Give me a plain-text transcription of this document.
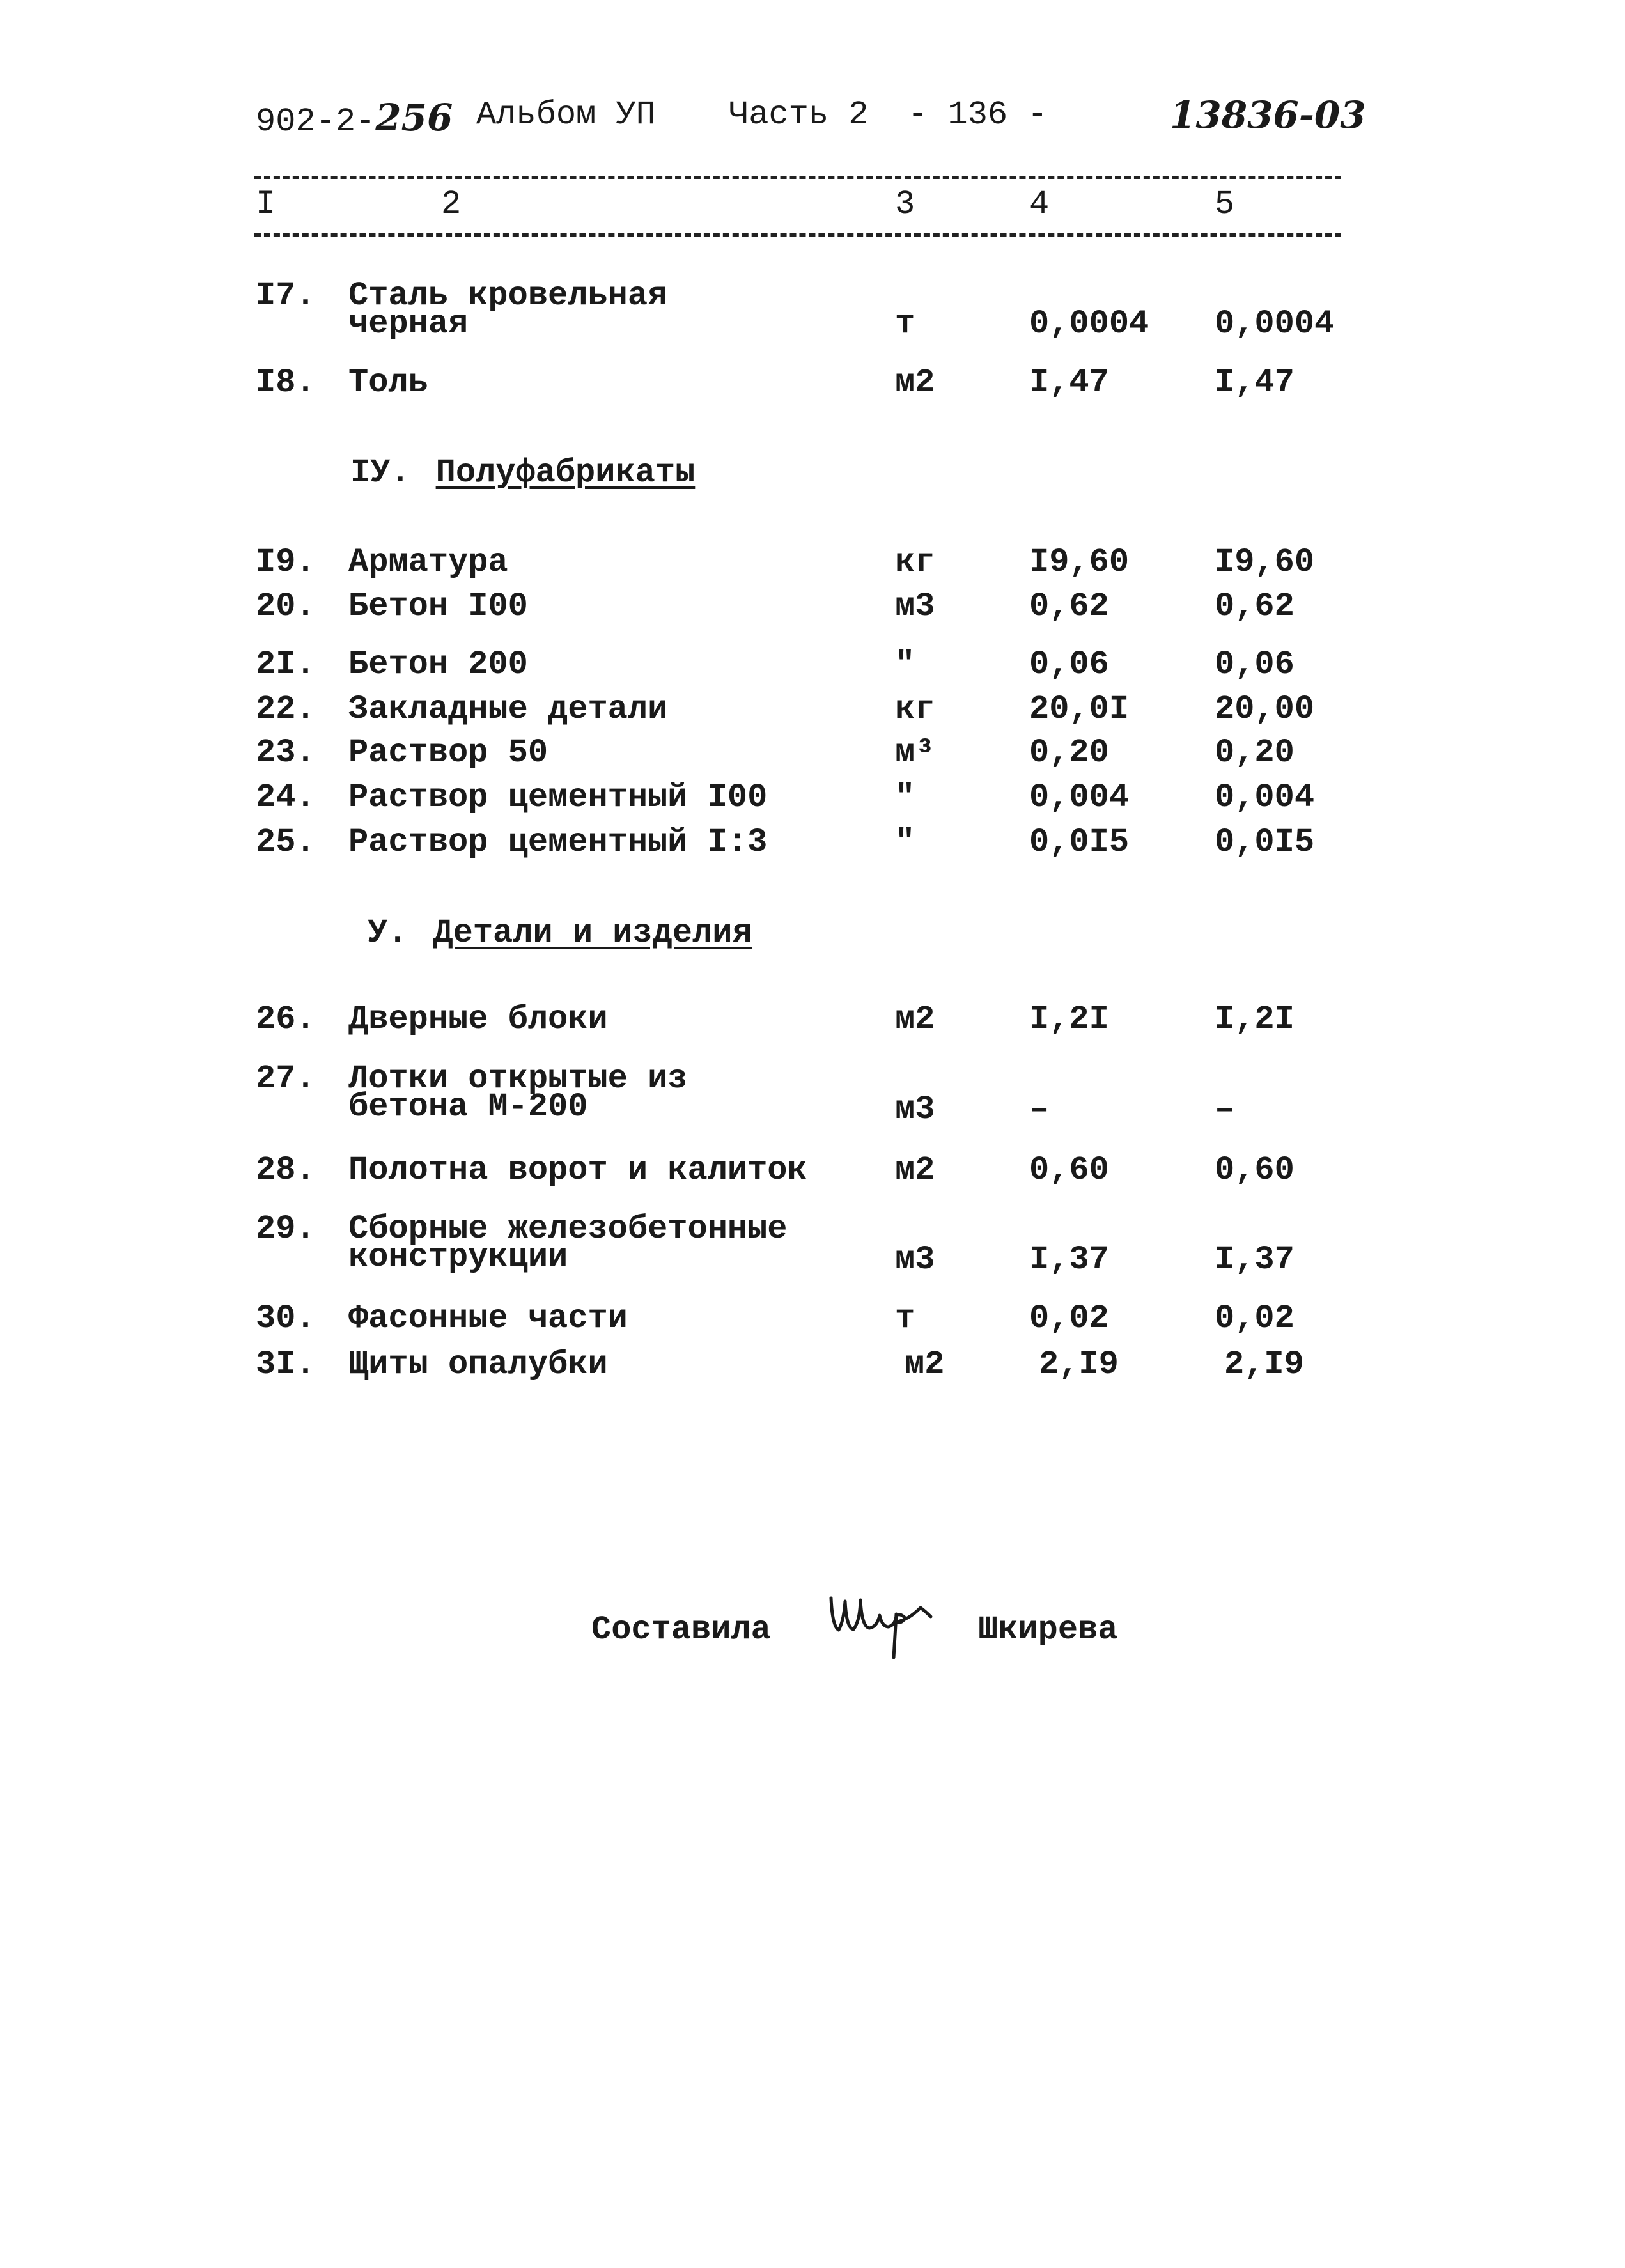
902-2-256 Альбом УП Часть 2 - 136 -	13836-03
I	2	3	4	5
I7. Сталь кровельная
черная	т	0,0004 0,0004
I8. Толь	м2	I,47	I,47
IУ. Полуфабрикаты
I9. Арматура	кг	I9,60	I9,60
20. Бетон I00	м3	0,62	0,62
2I. Бетон 200	"	0,06	0,06
22. Закладные детали	кг	20,0I	20,00
23. Раствор 50	м³	0,20	0,20
24. Раствор цементный I00	"	0,004	0,004
25. Раствор цементный I:3	"	0,0I5	0,0I5
У. Детали и изделия
26. Дверные блоки	м2	I,2I	I,2I
27. Лотки открытые из
бетона М-200	м3	–	–
28. Полотна ворот и калиток	м2	0,60	0,60
29. Сборные железобетонные
конструкции	м3	I,37	I,37
30. Фасонные части	т	0,02	0,02
3I. Щиты опалубки	м2	2,I9	2,I9
Составила	Шкирева
